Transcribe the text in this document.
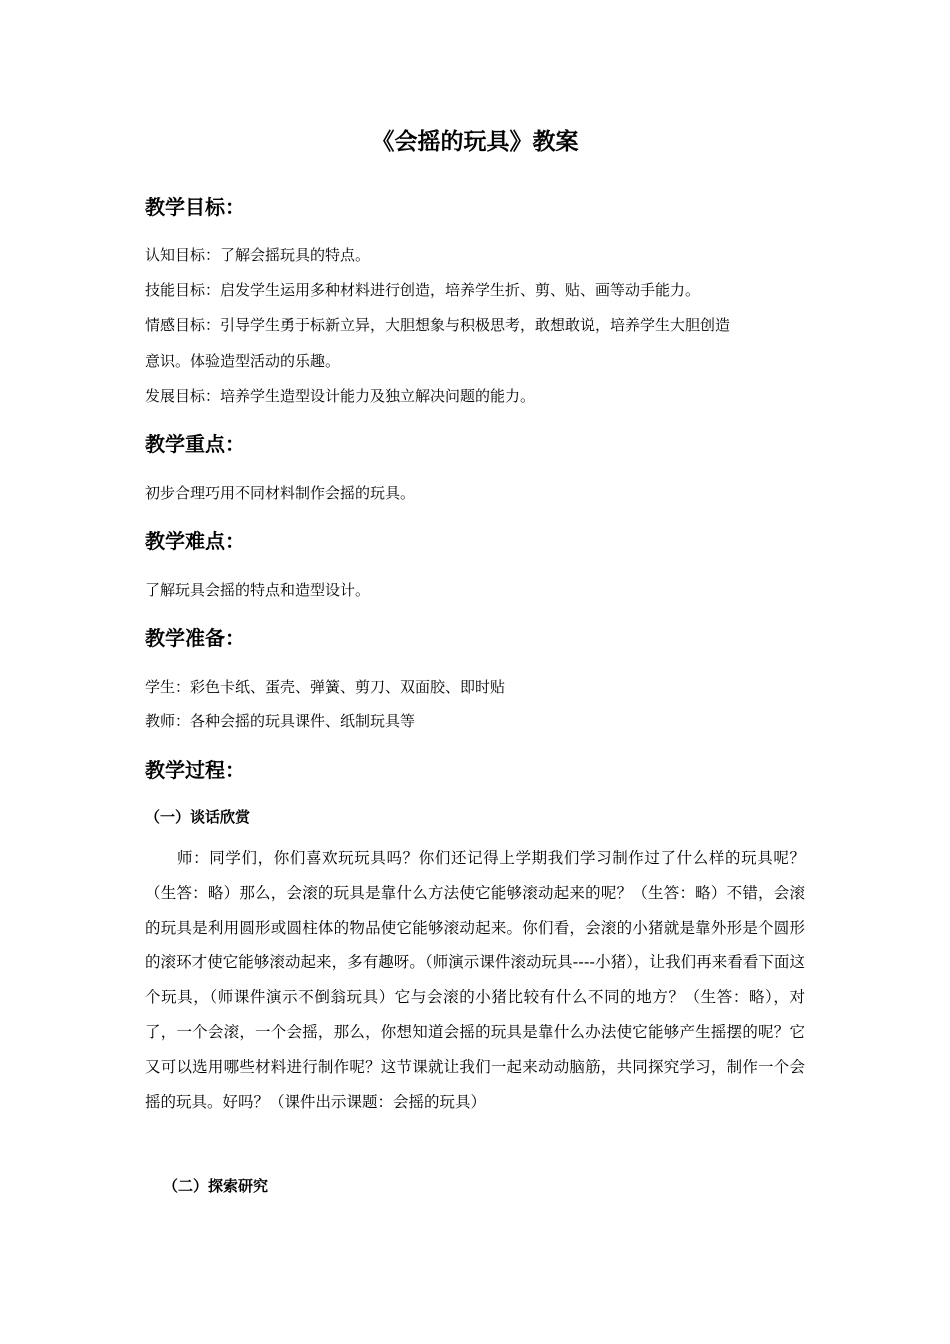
《会摇的玩具》教案
教学目标：
认知目标：了解会摇玩具的特点。
技能目标：启发学生运用多种材料进行创造，培养学生折、剪、贴、画等动手能力。
情感目标：引导学生勇于标新立异，大胆想象与积极思考，敢想敢说，培养学生大胆创造
意识。体验造型活动的乐趣。
发展目标：培养学生造型设计能力及独立解决问题的能力。
教学重点：
初步合理巧用不同材料制作会摇的玩具。
教学难点：
了解玩具会摇的特点和造型设计。
教学准备：
学生：彩色卡纸、蛋壳、弹簧、剪刀、双面胶、即时贴
教师：各种会摇的玩具课件、纸制玩具等
教学过程：
（一）谈话欣赏
师：同学们，你们喜欢玩玩具吗？你们还记得上学期我们学习制作过了什么样的玩具呢？（生答：略）那么，会滚的玩具是靠什么方法使它能够滚动起来的呢？（生答：略）不错，会滚的玩具是利用圆形或圆柱体的物品使它能够滚动起来。你们看，会滚的小猪就是靠外形是个圆形的滚环才使它能够滚动起来，多有趣呀。（师演示课件滚动玩具----小猪），让我们再来看看下面这个玩具，（师课件演示不倒翁玩具）它与会滚的小猪比较有什么不同的地方？（生答：略），对了，一个会滚，一个会摇，那么，你想知道会摇的玩具是靠什么办法使它能够产生摇摆的呢？它又可以选用哪些材料进行制作呢？这节课就让我们一起来动动脑筋，共同探究学习，制作一个会摇的玩具。好吗？（课件出示课题：会摇的玩具）
（二）探索研究
